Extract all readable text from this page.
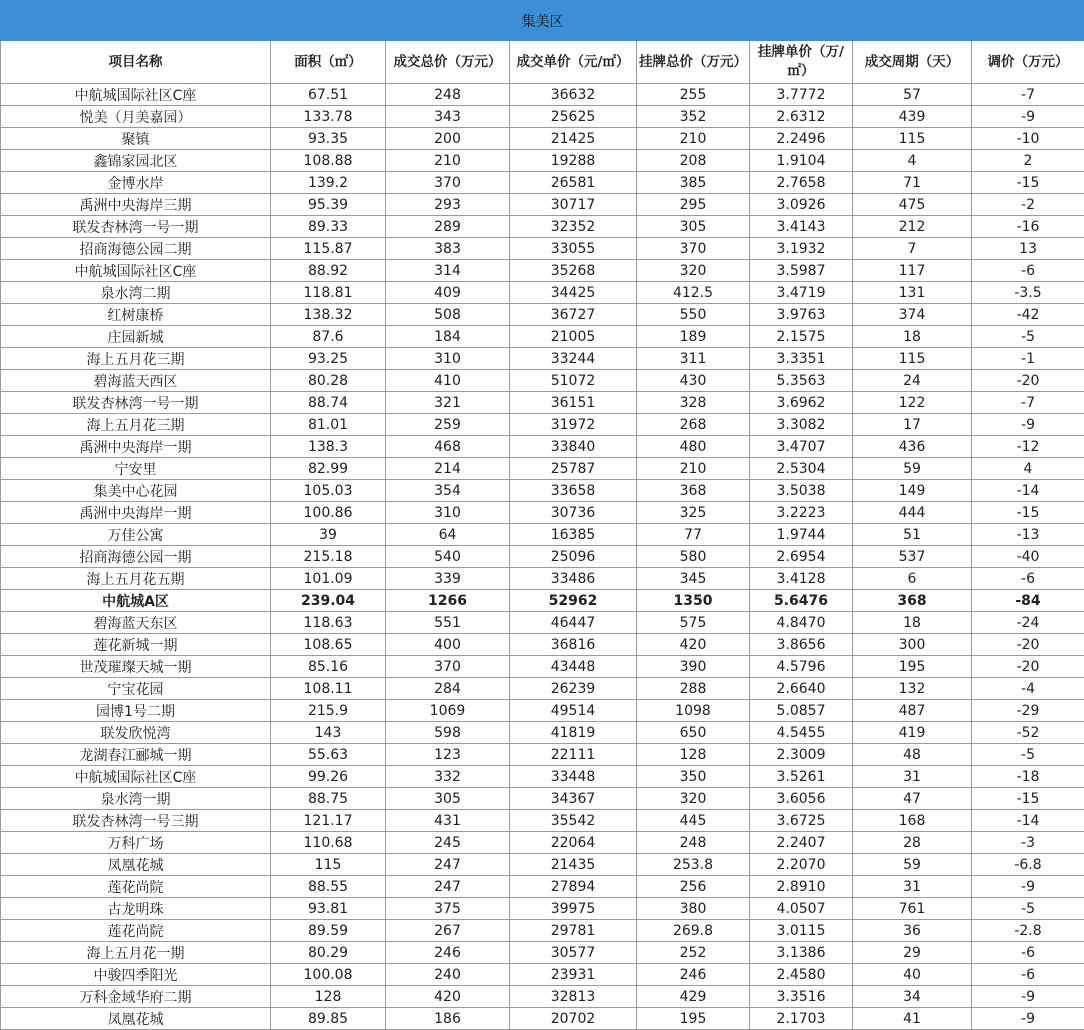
集美区							
项目名称	面积（㎡）	成交总价（万元）	成交单价（元/㎡）	挂牌总价（万元）	挂牌单价（万/㎡）	成交周期（天）	调价（万元）
中航城国际社区C座	67.51	248	36632	255	3.7772	57	-7
悦美（月美嘉园）	133.78	343	25625	352	2.6312	439	-9
聚镇	93.35	200	21425	210	2.2496	115	-10
鑫锦家园北区	108.88	210	19288	208	1.9104	4	2
金博水岸	139.2	370	26581	385	2.7658	71	-15
禹洲中央海岸三期	95.39	293	30717	295	3.0926	475	-2
联发杏林湾一号一期	89.33	289	32352	305	3.4143	212	-16
招商海德公园二期	115.87	383	33055	370	3.1932	7	13
中航城国际社区C座	88.92	314	35268	320	3.5987	117	-6
泉水湾二期	118.81	409	34425	412.5	3.4719	131	-3.5
红树康桥	138.32	508	36727	550	3.9763	374	-42
庄园新城	87.6	184	21005	189	2.1575	18	-5
海上五月花三期	93.25	310	33244	311	3.3351	115	-1
碧海蓝天西区	80.28	410	51072	430	5.3563	24	-20
联发杏林湾一号一期	88.74	321	36151	328	3.6962	122	-7
海上五月花三期	81.01	259	31972	268	3.3082	17	-9
禹洲中央海岸一期	138.3	468	33840	480	3.4707	436	-12
宁安里	82.99	214	25787	210	2.5304	59	4
集美中心花园	105.03	354	33658	368	3.5038	149	-14
禹洲中央海岸一期	100.86	310	30736	325	3.2223	444	-15
万佳公寓	39	64	16385	77	1.9744	51	-13
招商海德公园一期	215.18	540	25096	580	2.6954	537	-40
海上五月花五期	101.09	339	33486	345	3.4128	6	-6
中航城A区	239.04	1266	52962	1350	5.6476	368	-84
碧海蓝天东区	118.63	551	46447	575	4.8470	18	-24
莲花新城一期	108.65	400	36816	420	3.8656	300	-20
世茂璀璨天城一期	85.16	370	43448	390	4.5796	195	-20
宁宝花园	108.11	284	26239	288	2.6640	132	-4
园博1号二期	215.9	1069	49514	1098	5.0857	487	-29
联发欣悦湾	143	598	41819	650	4.5455	419	-52
龙湖春江郦城一期	55.63	123	22111	128	2.3009	48	-5
中航城国际社区C座	99.26	332	33448	350	3.5261	31	-18
泉水湾一期	88.75	305	34367	320	3.6056	47	-15
联发杏林湾一号三期	121.17	431	35542	445	3.6725	168	-14
万科广场	110.68	245	22064	248	2.2407	28	-3
凤凰花城	115	247	21435	253.8	2.2070	59	-6.8
莲花尚院	88.55	247	27894	256	2.8910	31	-9
古龙明珠	93.81	375	39975	380	4.0507	761	-5
莲花尚院	89.59	267	29781	269.8	3.0115	36	-2.8
海上五月花一期	80.29	246	30577	252	3.1386	29	-6
中骏四季阳光	100.08	240	23931	246	2.4580	40	-6
万科金域华府二期	128	420	32813	429	3.3516	34	-9
凤凰花城	89.85	186	20702	195	2.1703	41	-9
